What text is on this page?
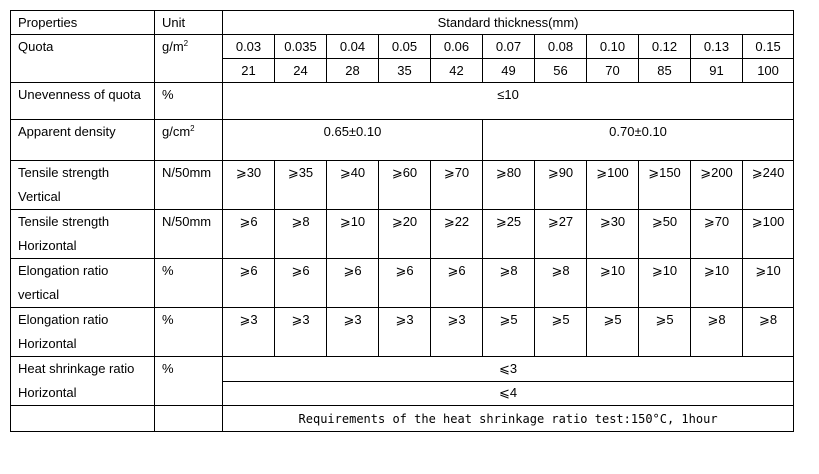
Properties	Unit	Standard thickness(mm)										

Quota	$g/m^2$	0.03	0.035	0.04	0.05	0.06	0.07	0.08	0.10	0.12	0.13	0.15
		21	24	28	35	42	49	56	70	85	91	100

Unevenness of quota	%	≤10										

Apparent density	$g/cm^2$	0.65±0.10					0.70±0.10					

Tensile strength
Vertical	N/50mm	⩾30	⩾35	⩾40	⩾60	⩾70	⩾80	⩾90	⩾100	⩾150	⩾200	⩾240

Tensile strength
Horizontal	N/50mm	⩾6	⩾8	⩾10	⩾20	⩾22	⩾25	⩾27	⩾30	⩾50	⩾70	⩾100

Elongation ratio
vertical	%	⩾6	⩾6	⩾6	⩾6	⩾6	⩾8	⩾8	⩾10	⩾10	⩾10	⩾10

Elongation ratio
Horizontal	%	⩾3	⩾3	⩾3	⩾3	⩾3	⩾5	⩾5	⩾5	⩾5	⩾8	⩾8

Heat shrinkage ratio
Horizontal	%	⩽3										
		⩽4										
		Requirements of the heat shrinkage ratio test:150°C, 1hour										
